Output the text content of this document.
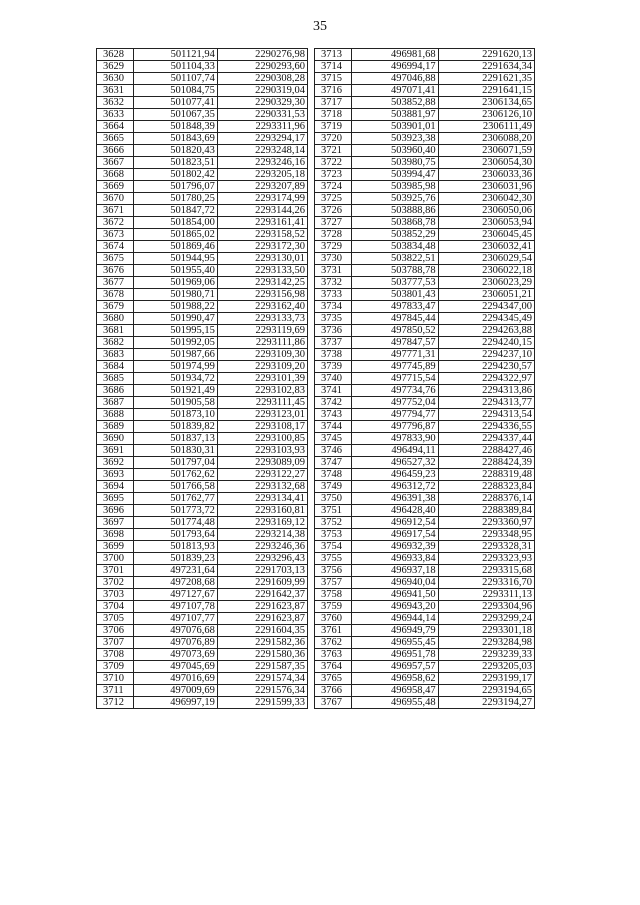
35
3628	501121,94	2290276,98
3629	501104,33	2290293,60
3630	501107,74	2290308,28
3631	501084,75	2290319,04
3632	501077,41	2290329,30
3633	501067,35	2290331,53
3664	501848,39	2293311,96
3665	501843,69	2293294,17
3666	501820,43	2293248,14
3667	501823,51	2293246,16
3668	501802,42	2293205,18
3669	501796,07	2293207,89
3670	501780,25	2293174,99
3671	501847,72	2293144,26
3672	501854,00	2293161,41
3673	501865,02	2293158,52
3674	501869,46	2293172,30
3675	501944,95	2293130,01
3676	501955,40	2293133,50
3677	501969,06	2293142,25
3678	501980,71	2293156,98
3679	501988,22	2293162,40
3680	501990,47	2293133,73
3681	501995,15	2293119,69
3682	501992,05	2293111,86
3683	501987,66	2293109,30
3684	501974,99	2293109,20
3685	501934,72	2293101,39
3686	501921,49	2293102,83
3687	501905,58	2293111,45
3688	501873,10	2293123,01
3689	501839,82	2293108,17
3690	501837,13	2293100,85
3691	501830,31	2293103,93
3692	501797,04	2293089,09
3693	501762,62	2293122,27
3694	501766,58	2293132,68
3695	501762,77	2293134,41
3696	501773,72	2293160,81
3697	501774,48	2293169,12
3698	501793,64	2293214,38
3699	501813,93	2293246,36
3700	501839,23	2293296,43
3701	497231,64	2291703,13
3702	497208,68	2291609,99
3703	497127,67	2291642,37
3704	497107,78	2291623,87
3705	497107,77	2291623,87
3706	497076,68	2291604,35
3707	497076,89	2291582,36
3708	497073,69	2291580,36
3709	497045,69	2291587,35
3710	497016,69	2291574,34
3711	497009,69	2291576,34
3712	496997,19	2291599,33
3713	496981,68	2291620,13
3714	496994,17	2291634,34
3715	497046,88	2291621,35
3716	497071,41	2291641,15
3717	503852,88	2306134,65
3718	503881,97	2306126,10
3719	503901,01	2306111,49
3720	503923,38	2306088,20
3721	503960,40	2306071,59
3722	503980,75	2306054,30
3723	503994,47	2306033,36
3724	503985,98	2306031,96
3725	503925,76	2306042,30
3726	503888,86	2306050,06
3727	503868,78	2306053,94
3728	503852,29	2306045,45
3729	503834,48	2306032,41
3730	503822,51	2306029,54
3731	503788,78	2306022,18
3732	503777,53	2306023,29
3733	503801,43	2306051,21
3734	497833,47	2294347,00
3735	497845,44	2294345,49
3736	497850,52	2294263,88
3737	497847,57	2294240,15
3738	497771,31	2294237,10
3739	497745,89	2294230,57
3740	497715,54	2294322,97
3741	497734,76	2294313,86
3742	497752,04	2294313,77
3743	497794,77	2294313,54
3744	497796,87	2294336,55
3745	497833,90	2294337,44
3746	496494,11	2288427,46
3747	496527,32	2288424,39
3748	496459,23	2288319,48
3749	496312,72	2288323,84
3750	496391,38	2288376,14
3751	496428,40	2288389,84
3752	496912,54	2293360,97
3753	496917,54	2293348,95
3754	496932,39	2293328,31
3755	496933,84	2293323,93
3756	496937,18	2293315,68
3757	496940,04	2293316,70
3758	496941,50	2293311,13
3759	496943,20	2293304,96
3760	496944,14	2293299,24
3761	496949,79	2293301,18
3762	496955,45	2293284,98
3763	496951,78	2293239,33
3764	496957,57	2293205,03
3765	496958,62	2293199,17
3766	496958,47	2293194,65
3767	496955,48	2293194,27
